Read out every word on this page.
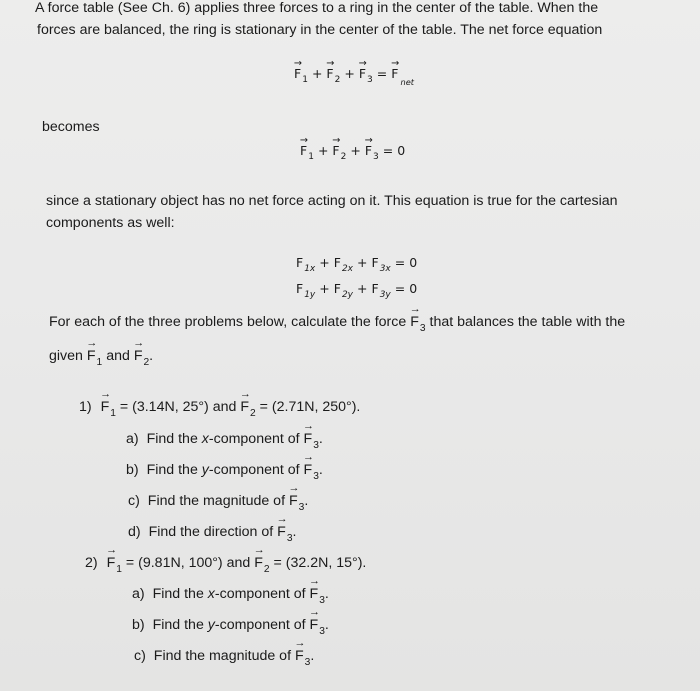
A force table (See Ch. 6) applies three forces to a ring in the center of the table. When the
forces are balanced, the ring is stationary in the center of the table. The net force equation
→ $F_1 +\to F_2 +\to F_3 =\to F_{net}$
becomes
→ $F_1 +\to F_2 +\to F_3 = 0$
since a stationary object has no net force acting on it. This equation is true for the cartesian
components as well:
$F_{1x} + F_{2x} + F_{3x} = 0$
$F_{1y} + F_{2y} + F_{3y} = 0$
For each of the three problems below, calculate the force → $F_3$ that balances the table with the
given → $F_1$ and → $F_2$.
$1) \to F_1 = (3.14N$, 25°) and → $F_2 = (2.71N$, 250°).
a) Find the x-component of → $F_3$.
b) Find the y-component of → $F_3$.
c) Find the magnitude of → $F_3$.
d) Find the direction of → $F_3$.
$2) \to F_1 = (9.81N$, 100°) and → $F_2 = (32.2N$, 15°).
a) Find the x-component of → $F_3$.
b) Find the y-component of → $F_3$.
c) Find the magnitude of → $F_3$.
